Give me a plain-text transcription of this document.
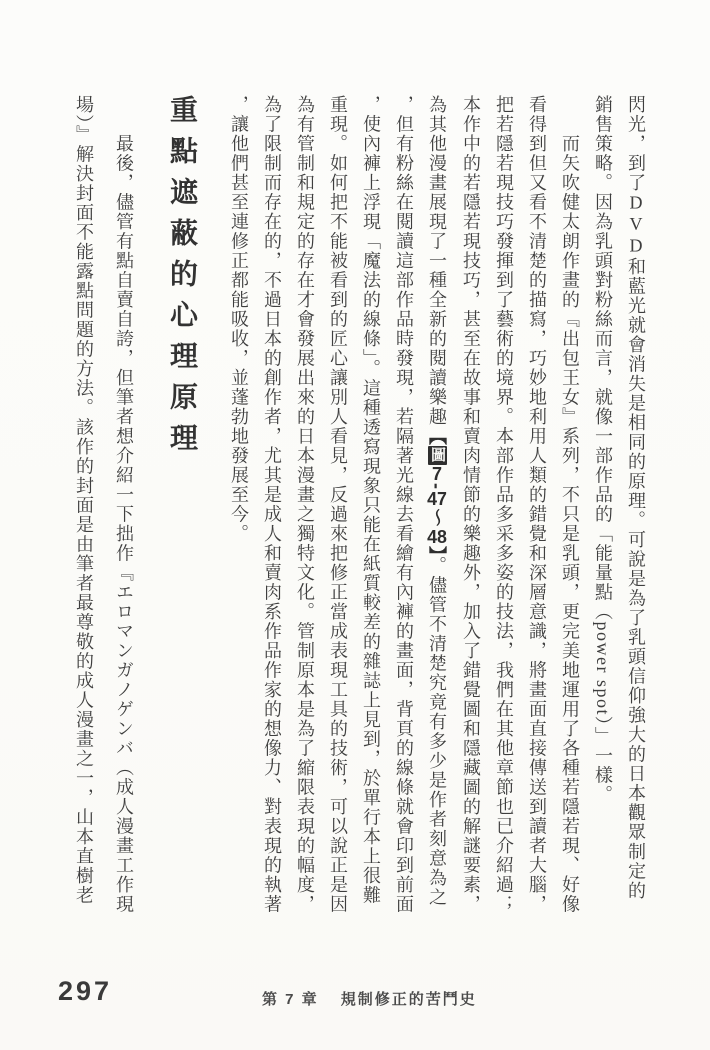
閃光，到了DVD和藍光就會消失是相同的原理。可說是為了乳頭信仰強大的日本觀眾制定的銷售策略。因為乳頭對粉絲而言，就像一部作品的「能量點（power spot）」一樣。

而矢吹健太朗作畫的『出包王女』系列，不只是乳頭，更完美地運用了各種若隱若現、好像看得到但又看不清楚的描寫，巧妙地利用人類的錯覺和深層意識，將畫面直接傳送到讀者大腦，把若隱若現技巧發揮到了藝術的境界。本部作品多采多姿的技法，我們在其他章節也已介紹過；本作中的若隱若現技巧，甚至在故事和賣肉情節的樂趣外，加入了錯覺圖和隱藏圖的解謎要素，為其他漫畫展現了一種全新的閱讀樂趣【圖7-47〜48】。儘管不清楚究竟有多少是作者刻意為之，但有粉絲在閱讀這部作品時發現，若隔著光線去看繪有內褲的畫面，背頁的線條就會印到前面，使內褲上浮現「魔法的線條」。這種透寫現象只能在紙質較差的雜誌上見到，於單行本上很難重現。如何把不能被看到的匠心讓別人看見，反過來把修正當成表現工具的技術，可以說正是因為有管制和規定的存在才會發展出來的日本漫畫之獨特文化。管制原本是為了縮限表現的幅度，為了限制而存在的，不過日本的創作者，尤其是成人和賣肉系作品作家的想像力、對表現的執著，讓他們甚至連修正都能吸收，並蓬勃地發展至今。

重點遮蔽的心理原理

最後，儘管有點自賣自誇，但筆者想介紹一下拙作『エロマンガノゲンバ（成人漫畫工作現場）』解決封面不能露點問題的方法。該作的封面是由筆者最尊敬的成人漫畫之一，山本直樹老

297	第 7 章 規制修正的苦鬥史
